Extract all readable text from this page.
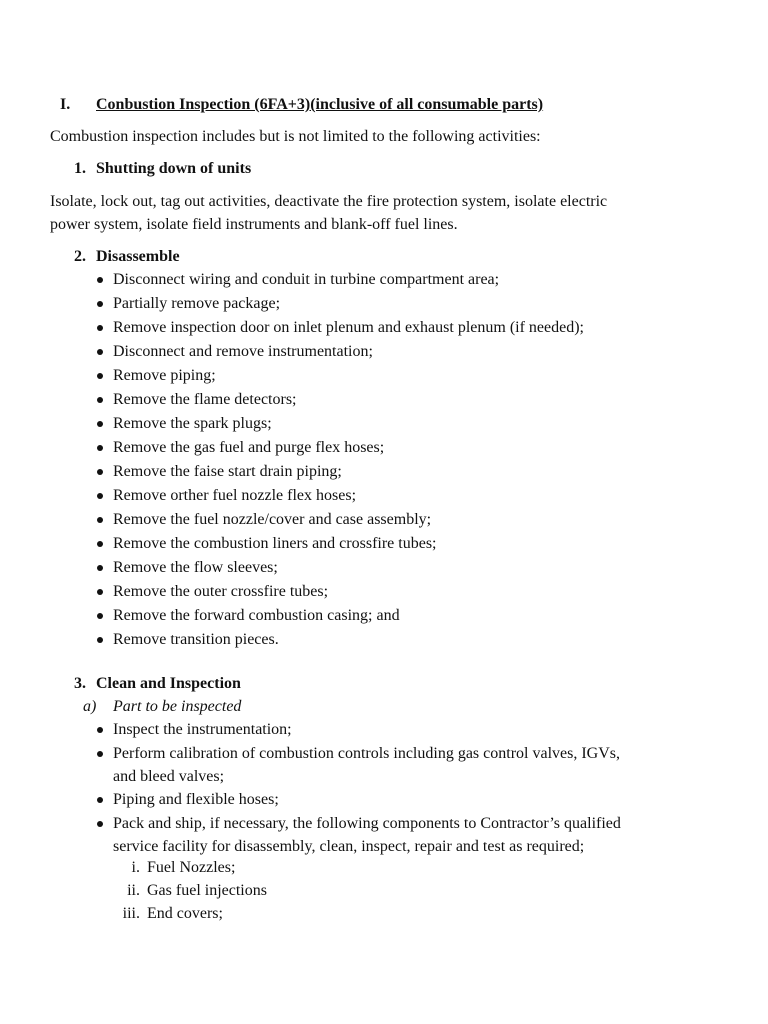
I. Conbustion Inspection (6FA+3)(inclusive of all consumable parts)
Combustion inspection includes but is not limited to the following activities:
1. Shutting down of units
Isolate, lock out, tag out activities, deactivate the fire protection system, isolate electric
power system, isolate field instruments and blank-off fuel lines.
2. Disassemble
Disconnect wiring and conduit in turbine compartment area;
Partially remove package;
Remove inspection door on inlet plenum and exhaust plenum (if needed);
Disconnect and remove instrumentation;
Remove piping;
Remove the flame detectors;
Remove the spark plugs;
Remove the gas fuel and purge flex hoses;
Remove the faise start drain piping;
Remove orther fuel nozzle flex hoses;
Remove the fuel nozzle/cover and case assembly;
Remove the combustion liners and crossfire tubes;
Remove the flow sleeves;
Remove the outer crossfire tubes;
Remove the forward combustion casing; and
Remove transition pieces.
3. Clean and Inspection
a) Part to be inspected
Inspect the instrumentation;
Perform calibration of combustion controls including gas control valves, IGVs,
and bleed valves;
Piping and flexible hoses;
Pack and ship, if necessary, the following components to Contractor’s qualified
service facility for disassembly, clean, inspect, repair and test as required;
i. Fuel Nozzles;
ii. Gas fuel injections
iii. End covers;
